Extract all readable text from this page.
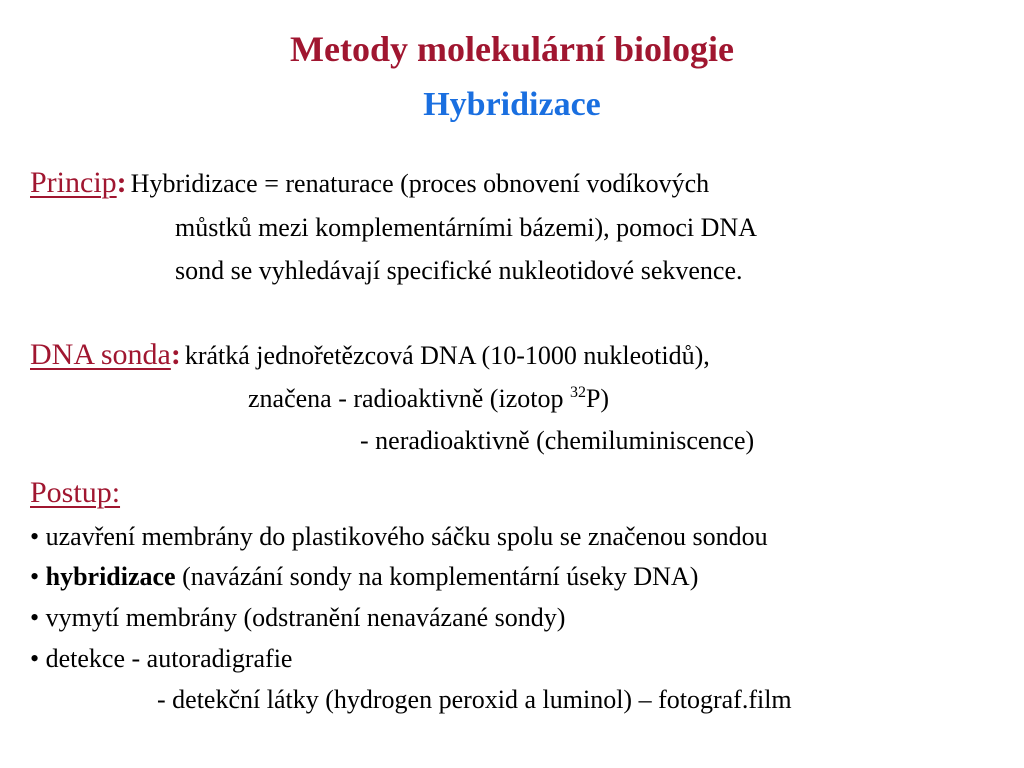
Metody molekulární biologie
Hybridizace
Princip: Hybridizace = renaturace (proces obnovení vodíkových
můstků mezi komplementárními bázemi), pomoci DNA
sond se vyhledávají specifické nukleotidové sekvence.
DNA sonda: krátká jednořetězcová DNA (10-1000 nukleotidů),
značena - radioaktivně (izotop $^{32}$P)
- neradioaktivně (chemiluminiscence)
Postup:
• uzavření membrány do plastikového sáčku spolu se značenou sondou
• hybridizace (navázání sondy na komplementární úseky DNA)
• vymytí membrány (odstranění nenavázané sondy)
• detekce - autoradigrafie
- detekční látky (hydrogen peroxid a luminol) – fotograf.film
